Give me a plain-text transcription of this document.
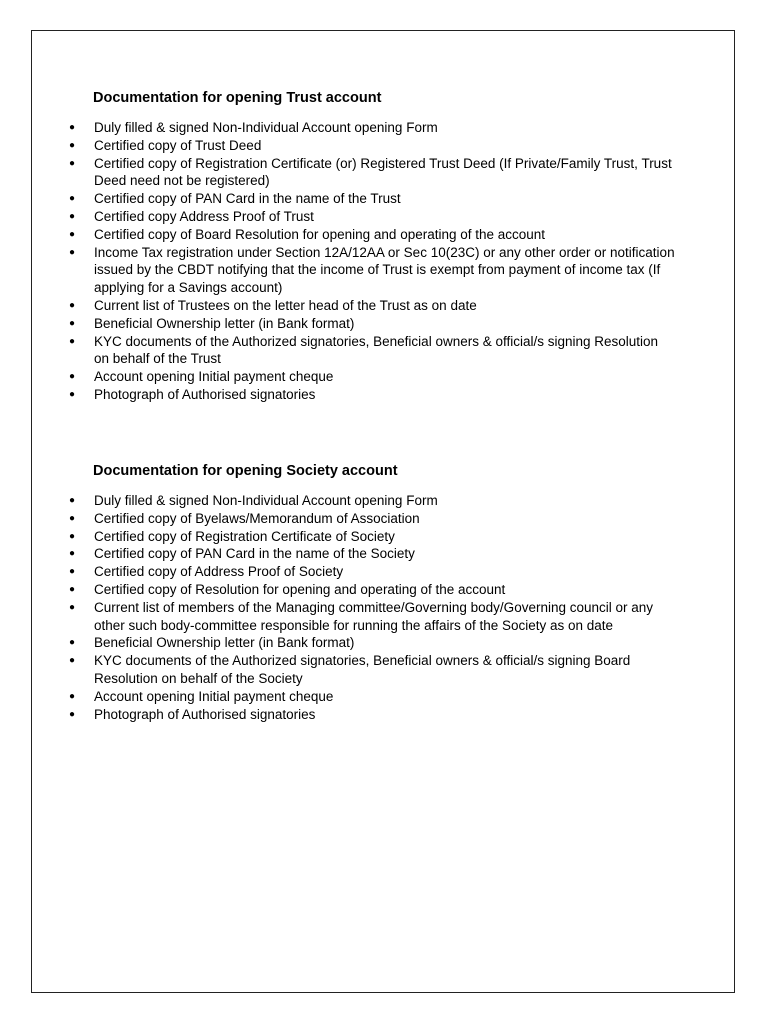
Documentation for opening Trust account
● Duly filled & signed Non-Individual Account opening Form
● Certified copy of Trust Deed
● Certified copy of Registration Certificate (or) Registered Trust Deed (If Private/Family Trust, Trust Deed need not be registered)
● Certified copy of PAN Card in the name of the Trust
● Certified copy Address Proof of Trust
● Certified copy of Board Resolution for opening and operating of the account
● Income Tax registration under Section 12A/12AA or Sec 10(23C) or any other order or notification issued by the CBDT notifying that the income of Trust is exempt from payment of income tax (If applying for a Savings account)
● Current list of Trustees on the letter head of the Trust as on date
● Beneficial Ownership letter (in Bank format)
● KYC documents of the Authorized signatories, Beneficial owners & official/s signing Resolution on behalf of the Trust
● Account opening Initial payment cheque
● Photograph of Authorised signatories
Documentation for opening Society account
● Duly filled & signed Non-Individual Account opening Form
● Certified copy of Byelaws/Memorandum of Association
● Certified copy of Registration Certificate of Society
● Certified copy of PAN Card in the name of the Society
● Certified copy of Address Proof of Society
● Certified copy of Resolution for opening and operating of the account
● Current list of members of the Managing committee/Governing body/Governing council or any other such body-committee responsible for running the affairs of the Society as on date
● Beneficial Ownership letter (in Bank format)
● KYC documents of the Authorized signatories, Beneficial owners & official/s signing Board Resolution on behalf of the Society
● Account opening Initial payment cheque
● Photograph of Authorised signatories
